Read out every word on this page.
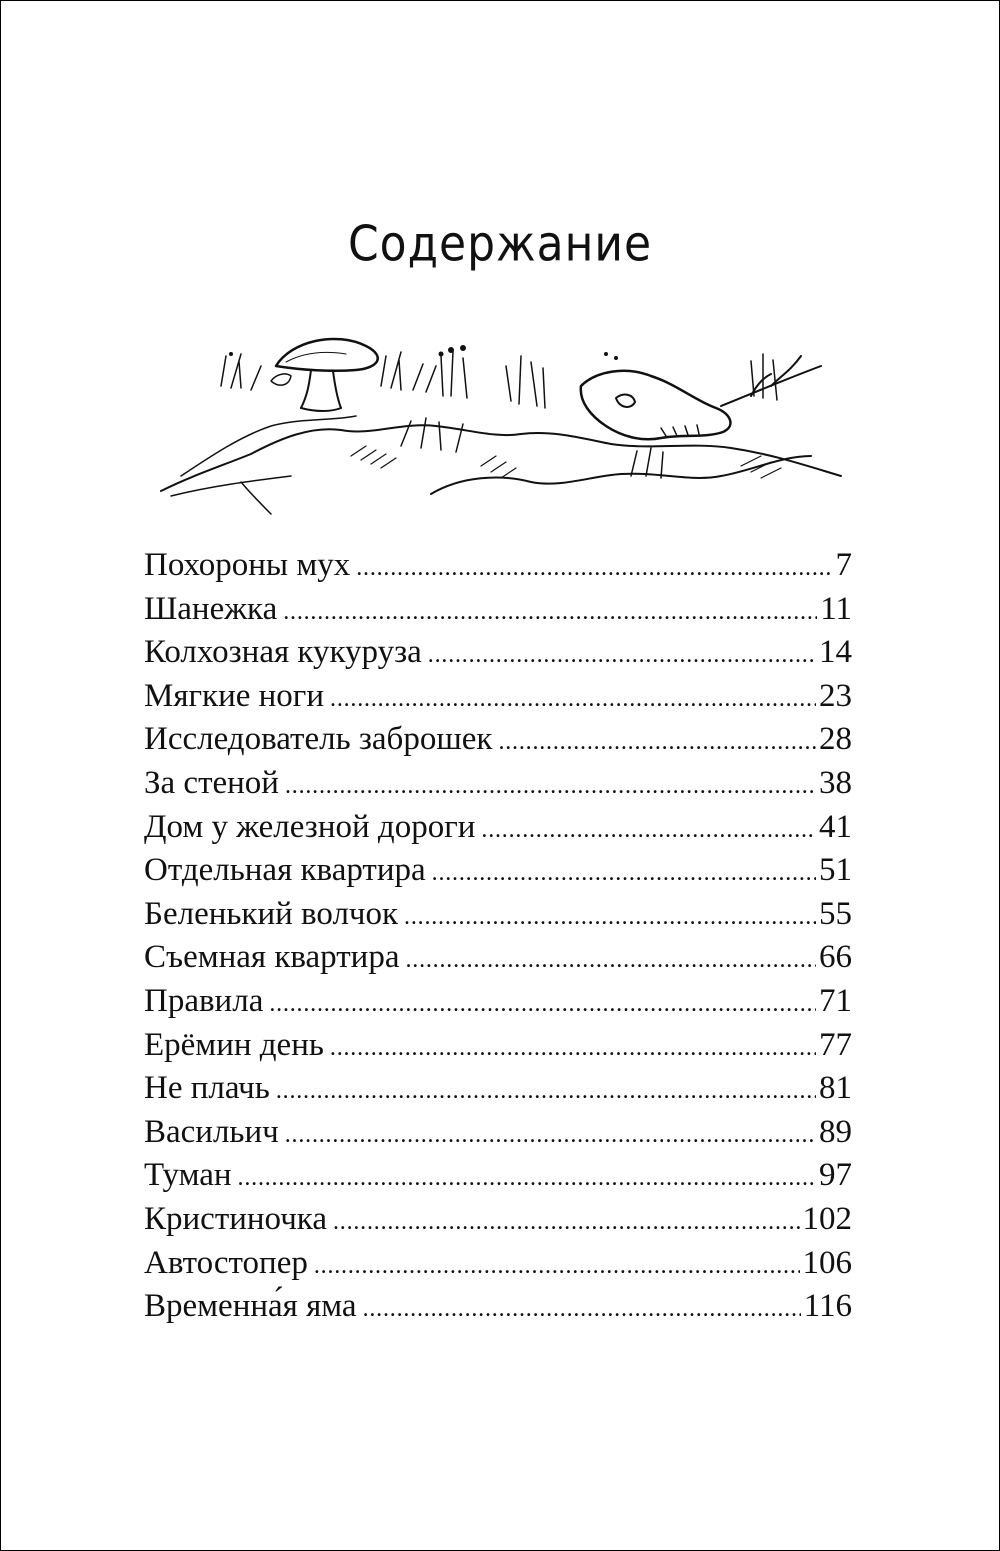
Содержание
Похороны мух . . .	7
Шанежка . . .	11
Колхозная кукуруза . . .	14
Мягкие ноги . . .	23
Исследователь заброшек . . .	28
За стеной . . .	38
Дом у железной дороги . . .	41
Отдельная квартира . . .	51
Беленький волчок . . .	55
Съемная квартира . . .	66
Правила . . .	71
Ерёмин день . . .	77
Не плачь . . .	81
Васильич . . .	89
Туман . . .	97
Кристиночка . . .	102
Автостопер . . .	106
Временна́я яма . . .	116
